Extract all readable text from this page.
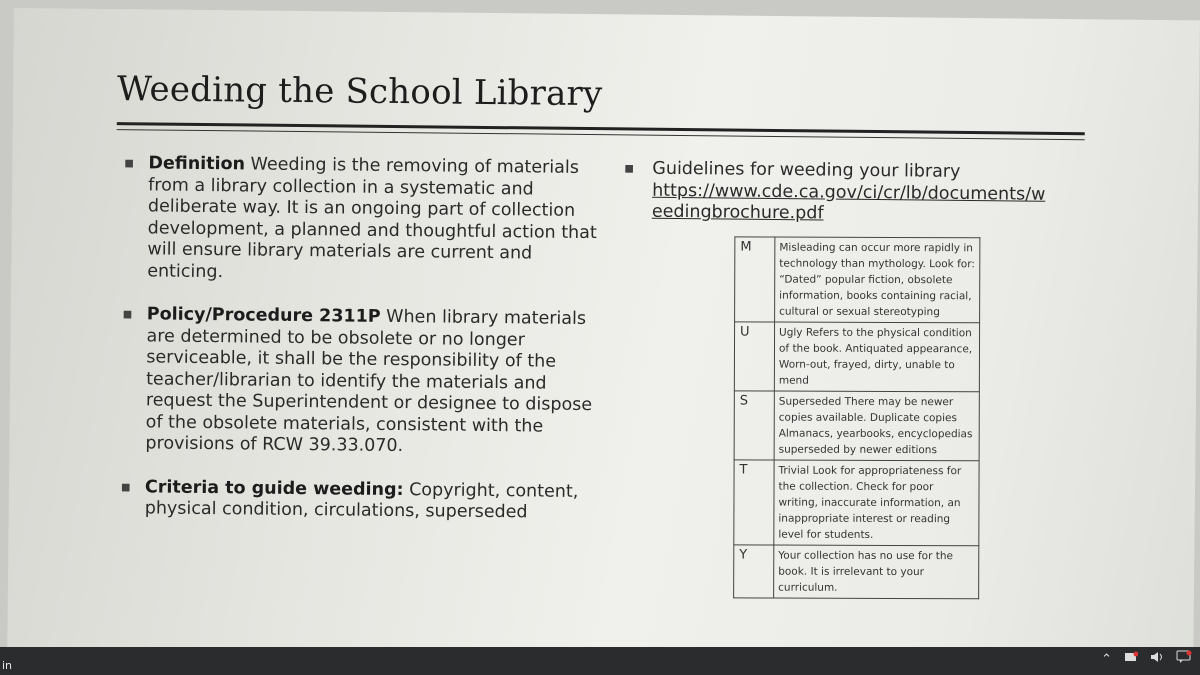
Weeding the School Library
■ Definition Weeding is the removing of materials from a library collection in a systematic and deliberate way. It is an ongoing part of collection development, a planned and thoughtful action that will ensure library materials are current and enticing.
■ Policy/Procedure 2311P When library materials are determined to be obsolete or no longer serviceable, it shall be the responsibility of the teacher/librarian to identify the materials and request the Superintendent or designee to dispose of the obsolete materials, consistent with the provisions of RCW 39.33.070.
■ Criteria to guide weeding: Copyright, content, physical condition, circulations, superseded
■ Guidelines for weeding your library
https://www.cde.ca.gov/ci/cr/lb/documents/weedingbrochure.pdf
M	Misleading can occur more rapidly in technology than mythology. Look for: “Dated” popular fiction, obsolete information, books containing racial, cultural or sexual stereotyping
U	Ugly Refers to the physical condition of the book. Antiquated appearance, Worn-out, frayed, dirty, unable to mend
S	Superseded There may be newer copies available. Duplicate copies Almanacs, yearbooks, encyclopedias superseded by newer editions
T	Trivial Look for appropriateness for the collection. Check for poor writing, inaccurate information, an inappropriate interest or reading level for students.
Y	Your collection has no use for the book. It is irrelevant to your curriculum.
in	⌃
